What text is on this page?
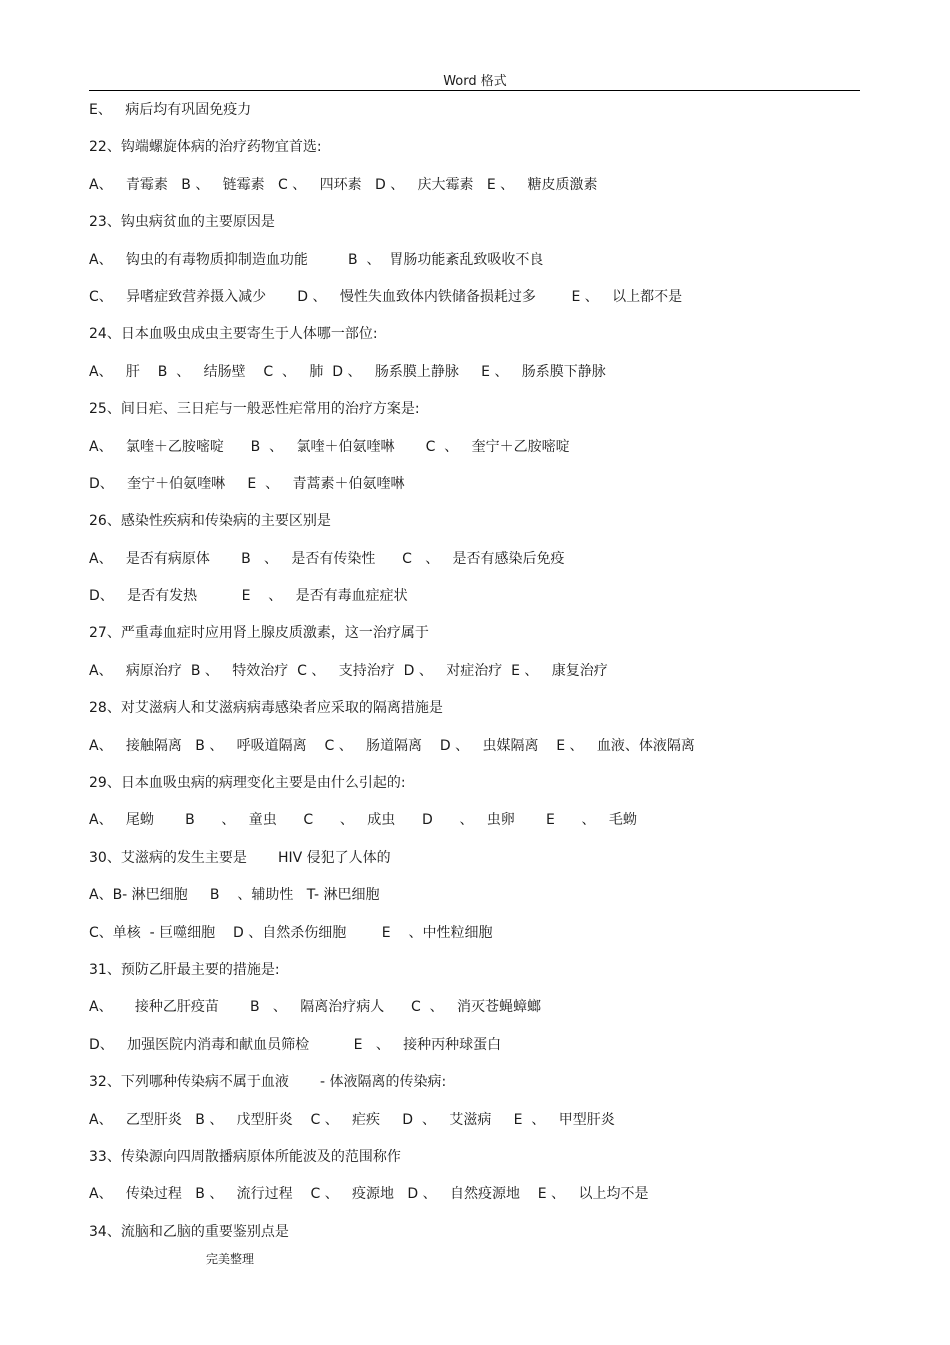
Word 格式
E、   病后均有巩固免疫力
22、钩端螺旋体病的治疗药物宜首选:
A、   青霉素   B 、   链霉素   C 、   四环素   D 、   庆大霉素   E 、   糖皮质激素
23、钩虫病贫血的主要原因是
A、   钩虫的有毒物质抑制造血功能         B  、  胃肠功能紊乱致吸收不良
C、   异嗜症致营养摄入减少       D 、   慢性失血致体内铁储备损耗过多        E 、   以上都不是
24、日本血吸虫成虫主要寄生于人体哪一部位:
A、   肝    B  、   结肠壁    C  、   肺  D 、   肠系膜上静脉     E 、   肠系膜下静脉
25、间日疟、三日疟与一般恶性疟常用的治疗方案是:
A、   氯喹＋乙胺嘧啶      B  、   氯喹＋伯氨喹啉       C  、   奎宁＋乙胺嘧啶
D、   奎宁＋伯氨喹啉     E  、   青蒿素＋伯氨喹啉
26、感染性疾病和传染病的主要区别是
A、   是否有病原体       B   、   是否有传染性      C   、   是否有感染后免疫
D、   是否有发热          E    、   是否有毒血症症状
27、严重毒血症时应用肾上腺皮质激素，这一治疗属于
A、   病原治疗  B 、   特效治疗  C 、   支持治疗  D 、   对症治疗  E 、   康复治疗
28、对艾滋病人和艾滋病病毒感染者应采取的隔离措施是
A、   接触隔离   B 、   呼吸道隔离    C 、   肠道隔离    D 、   虫媒隔离    E 、   血液、体液隔离
29、日本血吸虫病的病理变化主要是由什么引起的:
A、   尾蚴       B      、   童虫      C      、   成虫      D      、   虫卵       E      、   毛蚴
30、艾滋病的发生主要是       HIV 侵犯了人体的
A、B- 淋巴细胞     B    、辅助性   T- 淋巴细胞
C、单核  - 巨噬细胞    D 、自然杀伤细胞        E    、中性粒细胞
31、预防乙肝最主要的措施是:
A、     接种乙肝疫苗       B   、   隔离治疗病人      C  、   消灭苍蝇蟑螂
D、   加强医院内消毒和献血员筛检          E   、   接种丙种球蛋白
32、下列哪种传染病不属于血液       - 体液隔离的传染病:
A、   乙型肝炎   B 、   戊型肝炎    C 、   疟疾     D  、   艾滋病     E  、   甲型肝炎
33、传染源向四周散播病原体所能波及的范围称作
A、   传染过程   B 、   流行过程    C 、   疫源地   D 、   自然疫源地    E 、   以上均不是
34、流脑和乙脑的重要鉴别点是
完美整理
